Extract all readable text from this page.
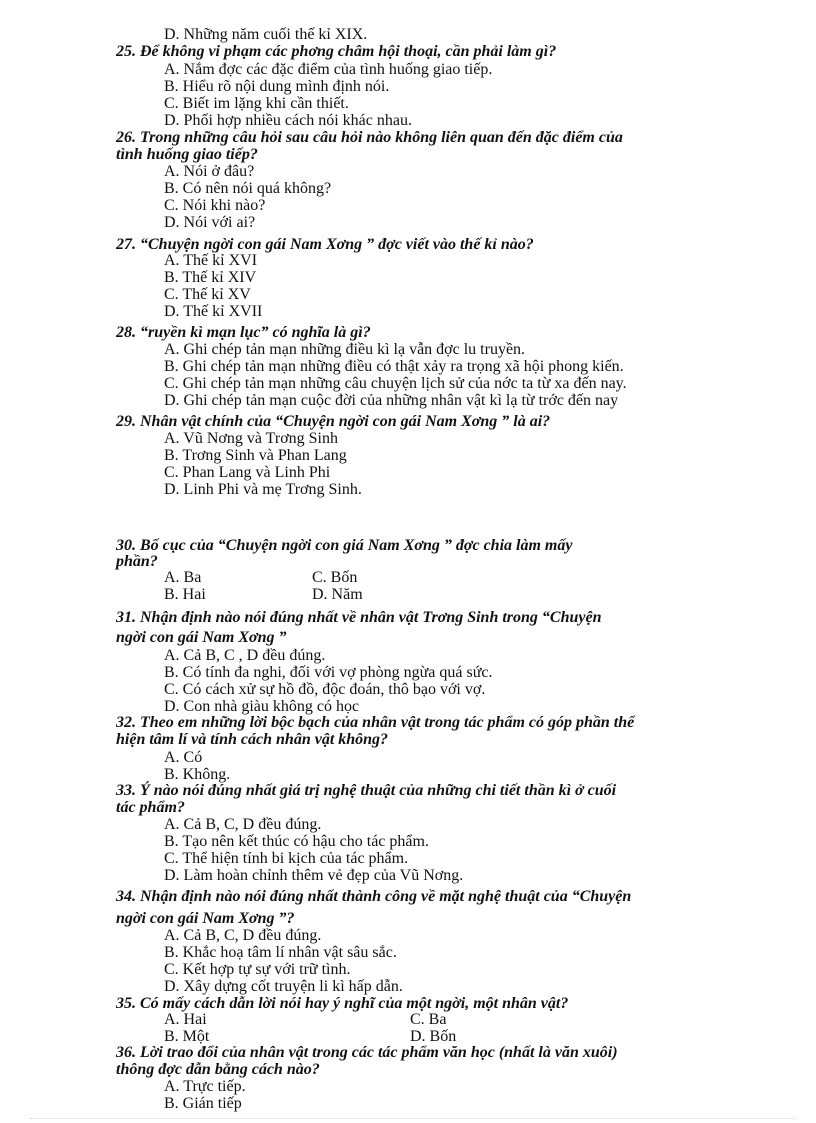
D. Những năm cuối thế kỉ XIX.
25. Để không vi phạm các phơng châm hội thoại, cần phải làm gì?
A. Nắm đợc các đặc điểm của tình huống giao tiếp.
B. Hiểu rõ nội dung mình định nói.
C. Biết im lặng khi cần thiết.
D. Phối hợp nhiều cách nói khác nhau.
26. Trong những câu hỏi sau câu hỏi nào không liên quan đến đặc điểm của
tình huống giao tiếp?
A. Nói ở đâu?
B. Có nên nói quá không?
C. Nói khi nào?
D. Nói với ai?
27. “Chuyện ngời con gái Nam Xơng ” đợc viết vào thế kỉ nào?
A. Thế kỉ XVI
B. Thế kỉ XIV
C. Thế kỉ XV
D. Thế kỉ XVII
28. “ruyền kì mạn lục” có nghĩa là gì?
A. Ghi chép tản mạn những điều kì lạ vẫn đợc lu truyền.
B. Ghi chép tản mạn những điều có thật xảy ra trọng xã hội phong kiến.
C. Ghi chép tản mạn những câu chuyện lịch sử của nớc ta từ xa đến nay.
D. Ghi chép tản mạn cuộc đời của những nhân vật kì lạ từ trớc đến nay
29. Nhân vật chính của “Chuyện ngời con gái Nam Xơng ” là ai?
A. Vũ Nơng và Trơng Sinh
B. Trơng Sinh và Phan Lang
C. Phan Lang và Linh Phi
D. Linh Phi và mẹ Trơng Sinh.
30. Bố cục của “Chuyện ngời con giá Nam Xơng ” đợc chia làm mấy
phần?
A. Ba	C. Bốn
B. Hai	D. Năm
31. Nhận định nào nói đúng nhất về nhân vật Trơng Sinh trong “Chuyện
ngời con gái Nam Xơng ”
A. Cả B, C , D đều đúng.
B. Có tính đa nghi, đối với vợ phòng ngừa quá sức.
C. Có cách xử sự hồ đồ, độc đoán, thô bạo với vợ.
D. Con nhà giàu không có học
32. Theo em những lời bộc bạch của nhân vật trong tác phẩm có góp phần thể
hiện tâm lí và tính cách nhân vật không?
A. Có
B. Không.
33. Ý nào nói đúng nhất giá trị nghệ thuật của những chi tiết thần kì ở cuối
tác phẩm?
A. Cả B, C, D đều đúng.
B. Tạo nên kết thúc có hậu cho tác phẩm.
C. Thể hiện tính bi kịch của tác phẩm.
D. Làm hoàn chỉnh thêm vẻ đẹp của Vũ Nơng.
34. Nhận định nào nói đúng nhất thành công về mặt nghệ thuật của “Chuyện
ngời con gái Nam Xơng ”?
A. Cả B, C, D đều đúng.
B. Khắc hoạ tâm lí nhân vật sâu sắc.
C. Kết hợp tự sự với trữ tình.
D. Xây dựng cốt truyện li kì hấp dẫn.
35. Có mấy cách dẫn lời nói hay ý nghĩ của một ngời, một nhân vật?
A. Hai	C. Ba
B. Một	D. Bốn
36. Lời trao đổi của nhân vật trong các tác phẩm văn học (nhất là văn xuôi)
thông đợc dẫn bằng cách nào?
A. Trực tiếp.
B. Gián tiếp
